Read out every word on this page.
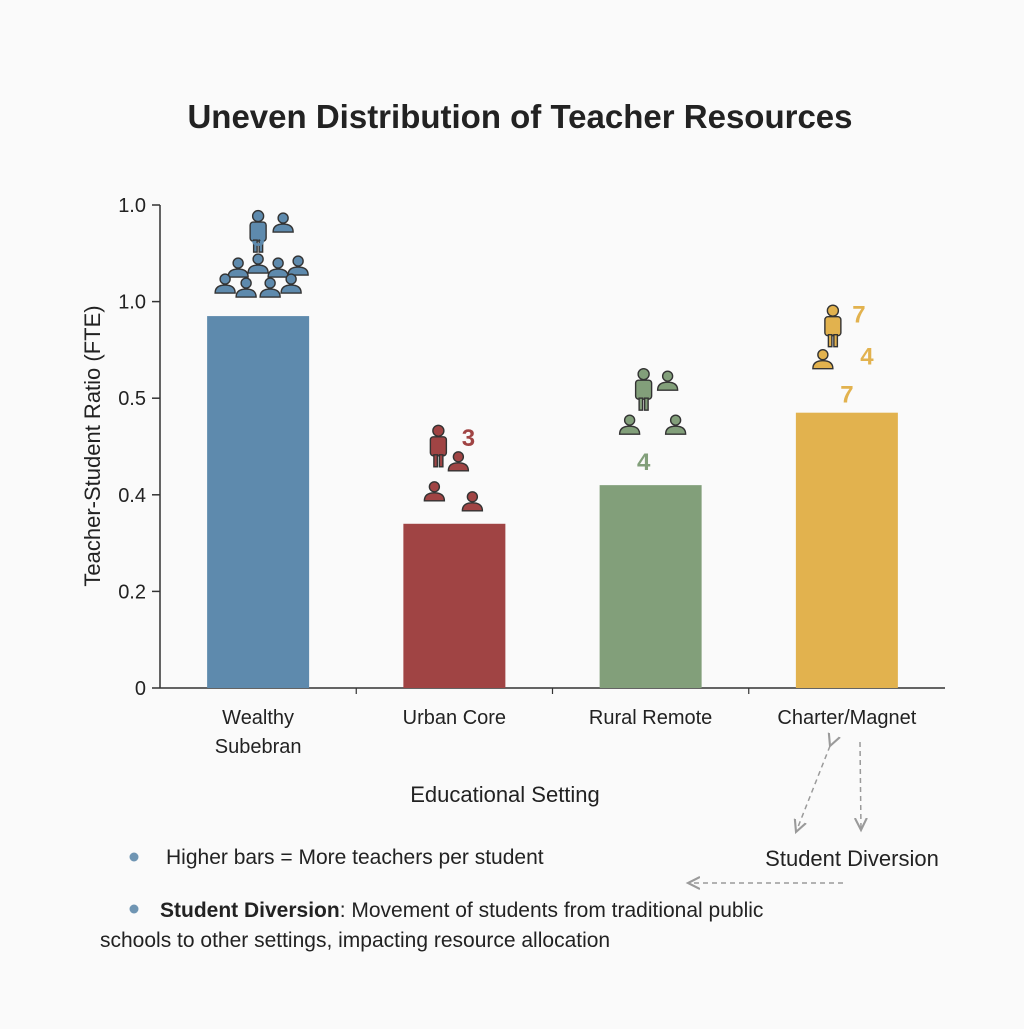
Uneven Distribution of Teacher Resources
Teacher-Student Ratio (FTE)
0
0.2
0.4
0.5
1.0
1.0
Wealthy
Subebran
3
Urban Core
3
Rural Remote
4
Charter/Magnet
7
4
7
Educational Setting
Student Diversion
Higher bars = More teachers per student
Student Diversion: Movement of students from traditional public
schools to other settings, impacting resource allocation
